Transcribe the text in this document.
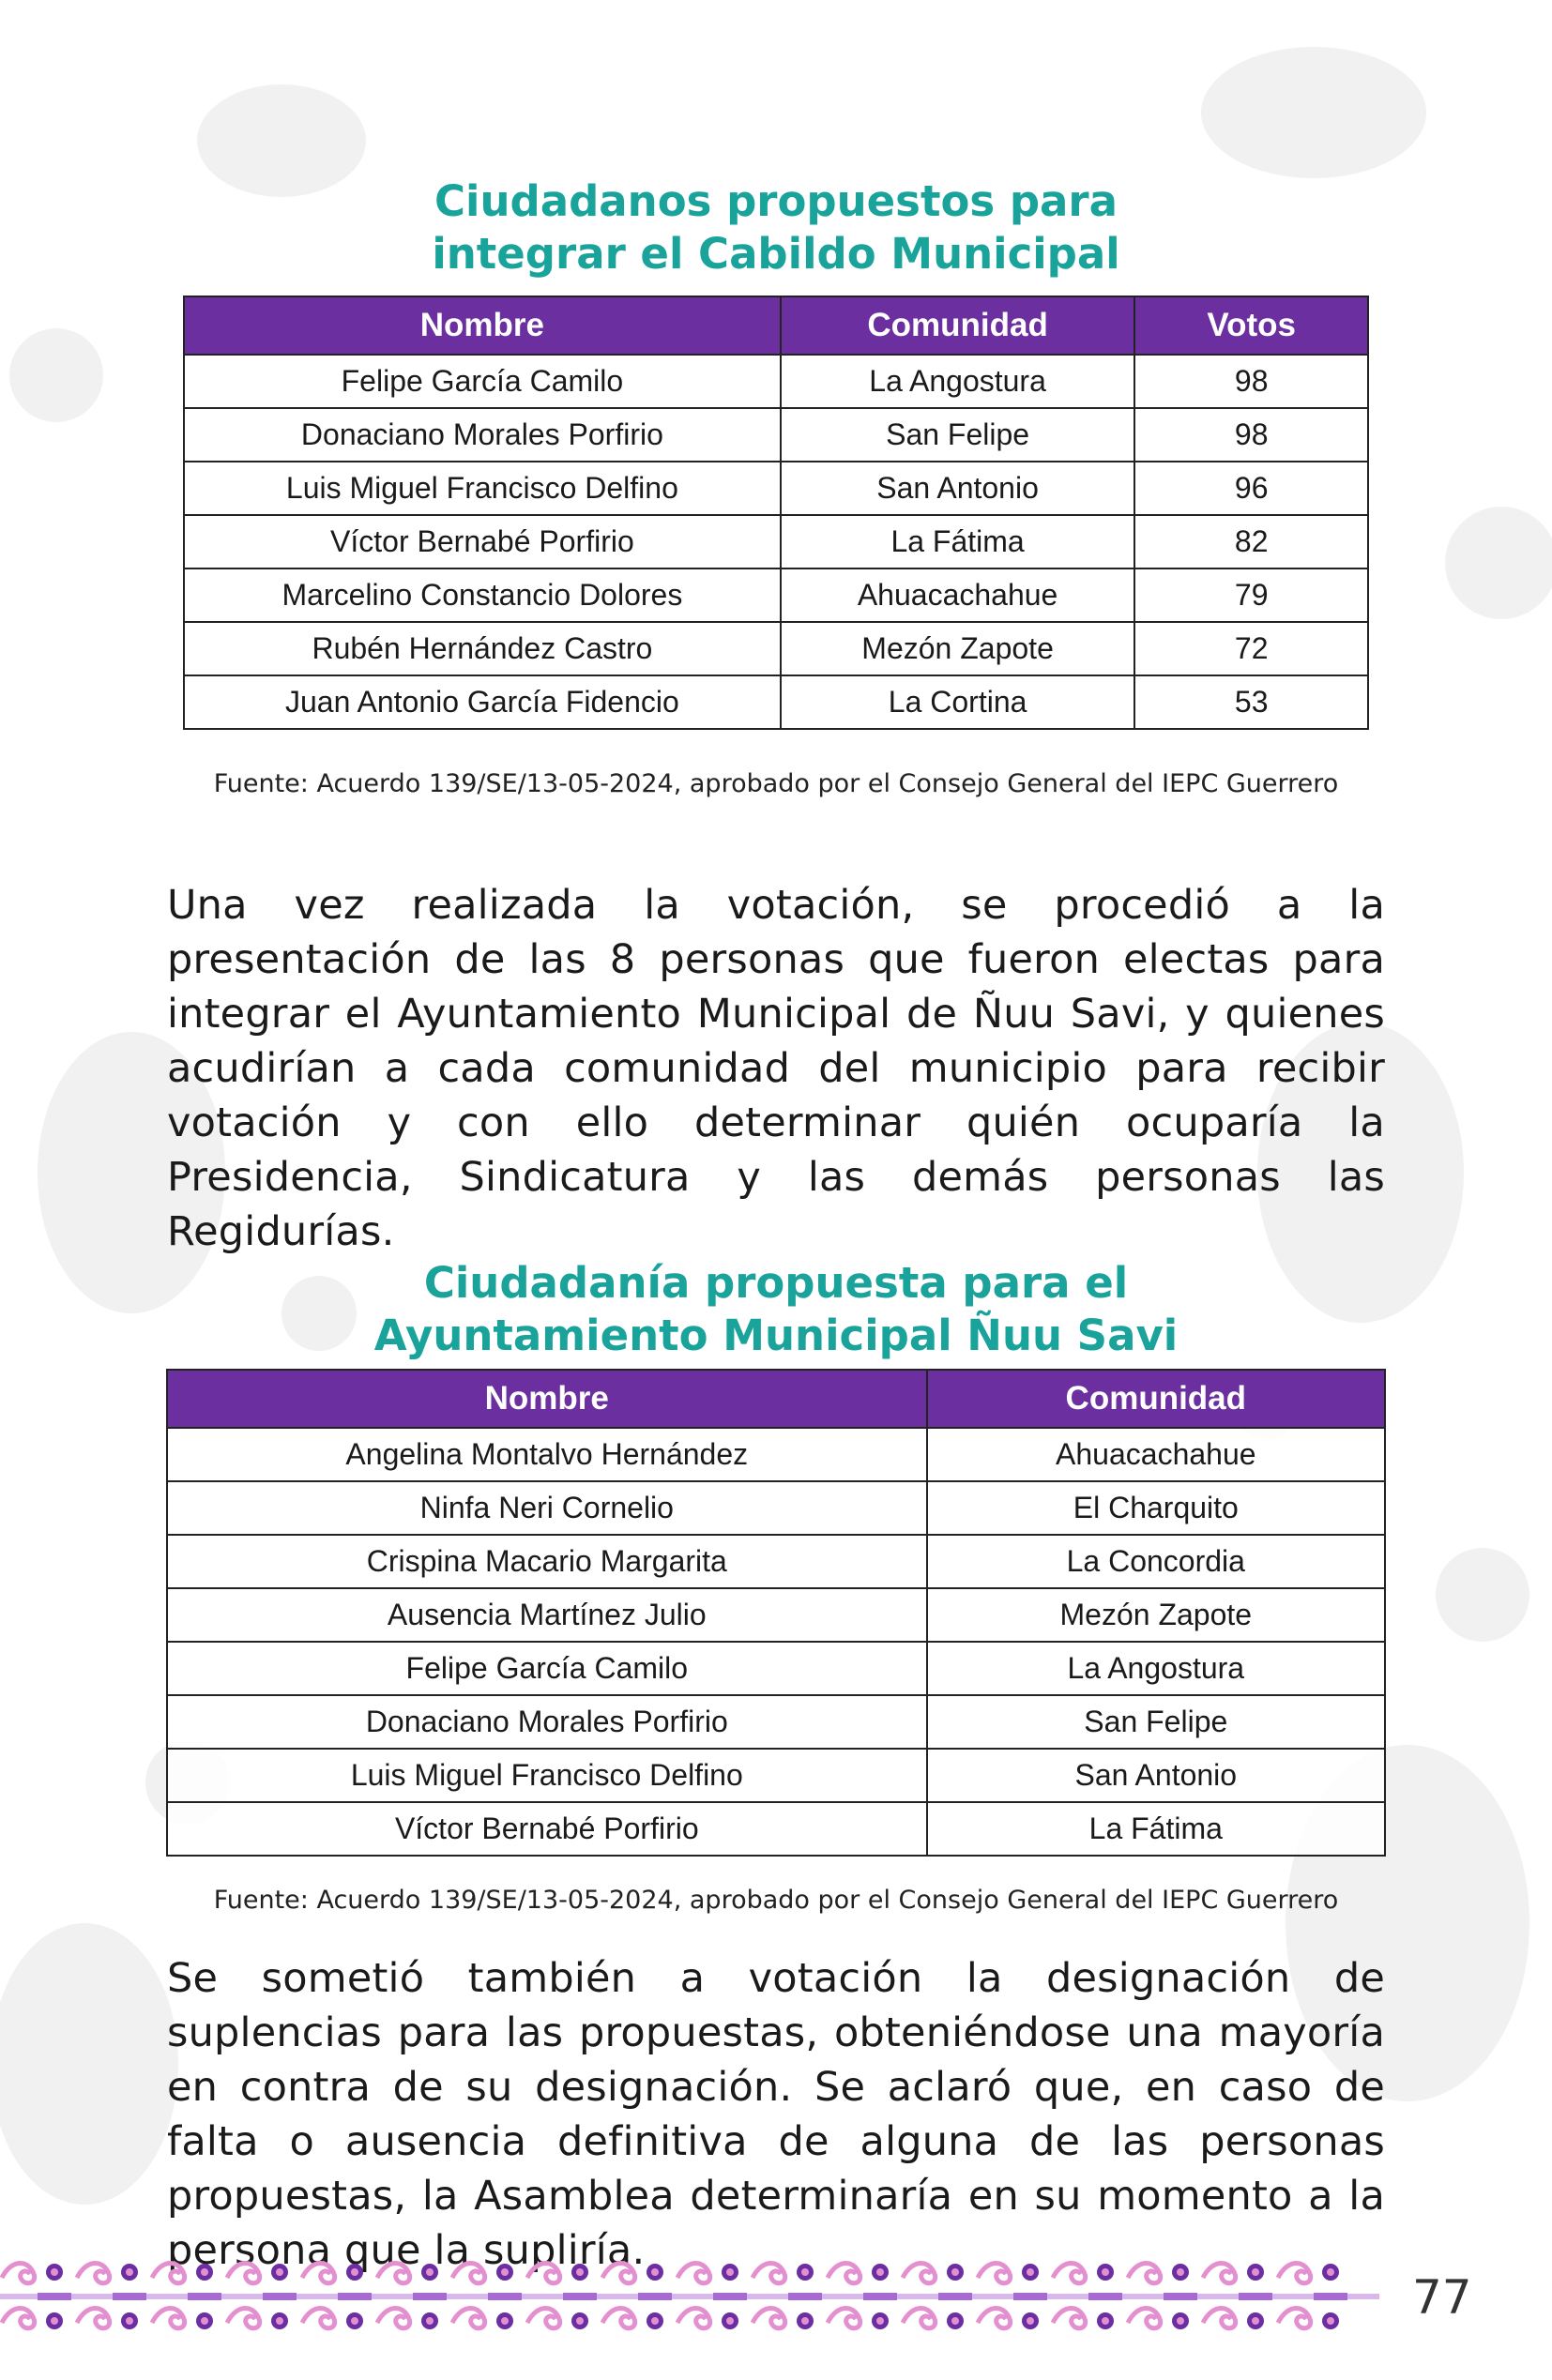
Ciudadanos propuestos para
integrar el Cabildo Municipal
Nombre	Comunidad	Votos
Felipe García Camilo	La Angostura	98
Donaciano Morales Porfirio	San Felipe	98
Luis Miguel Francisco Delfino	San Antonio	96
Víctor Bernabé Porfirio	La Fátima	82
Marcelino Constancio Dolores	Ahuacachahue	79
Rubén Hernández Castro	Mezón Zapote	72
Juan Antonio García Fidencio	La Cortina	53
Fuente: Acuerdo 139/SE/13-05-2024, aprobado por el Consejo General del IEPC Guerrero

Una vez realizada la votación, se procedió a la presentación de las 8 personas que fueron electas para integrar el Ayuntamiento Municipal de Ñuu Savi, y quienes acudirían a cada comunidad del municipio para recibir votación y con ello determinar quién ocuparía la Presidencia, Sindicatura y las demás personas las Regidurías.

Ciudadanía propuesta para el
Ayuntamiento Municipal Ñuu Savi
Nombre	Comunidad
Angelina Montalvo Hernández	Ahuacachahue
Ninfa Neri Cornelio	El Charquito
Crispina Macario Margarita	La Concordia
Ausencia Martínez Julio	Mezón Zapote
Felipe García Camilo	La Angostura
Donaciano Morales Porfirio	San Felipe
Luis Miguel Francisco Delfino	San Antonio
Víctor Bernabé Porfirio	La Fátima
Fuente: Acuerdo 139/SE/13-05-2024, aprobado por el Consejo General del IEPC Guerrero

Se sometió también a votación la designación de suplencias para las propuestas, obteniéndose una mayoría en contra de su designación. Se aclaró que, en caso de falta o ausencia definitiva de alguna de las personas propuestas, la Asamblea determinaría en su momento a la persona que la supliría.

77
